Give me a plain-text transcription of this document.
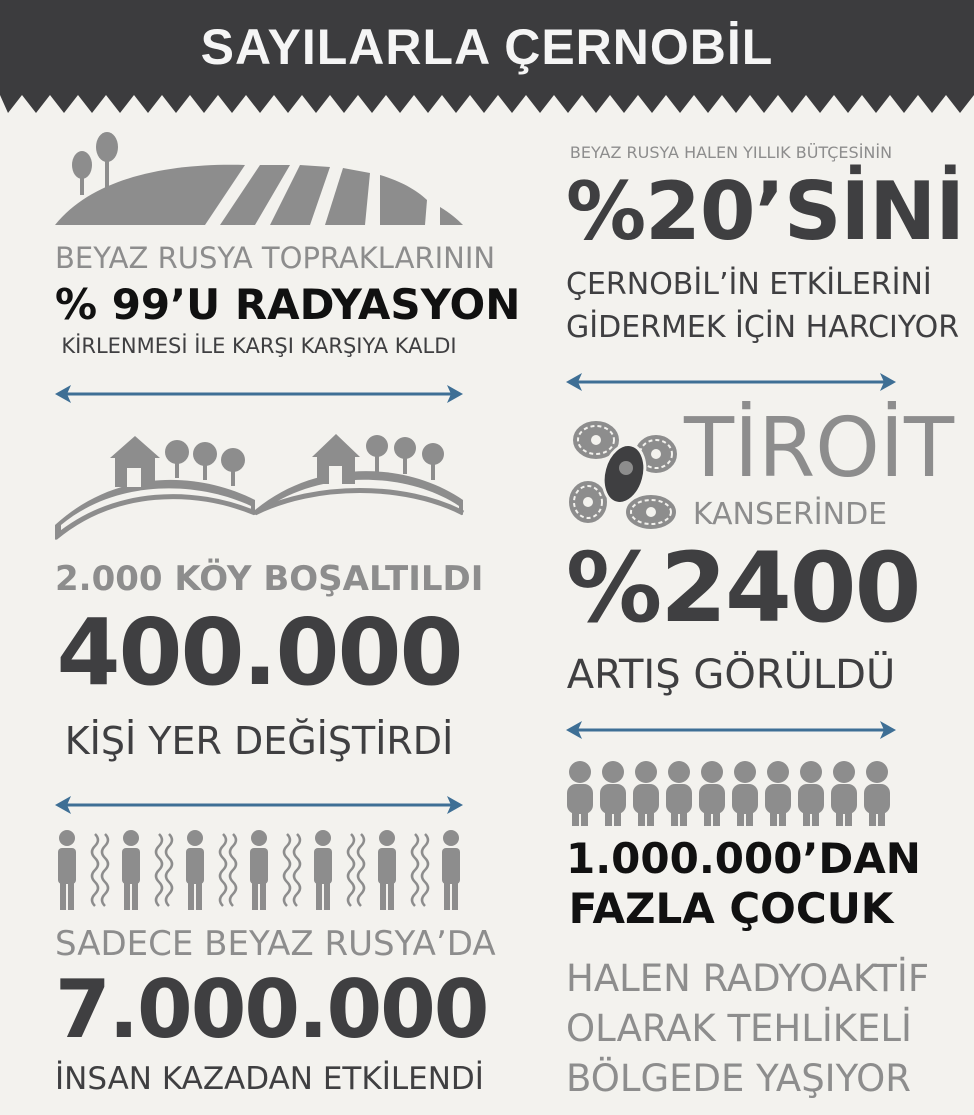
SAYILARLA ÇERNOBİL
BEYAZ RUSYA TOPRAKLARININ
% 99’U RADYASYON
KİRLENMESİ İLE KARŞI KARŞIYA KALDI
2.000 KÖY BOŞALTILDI
400.000
KİŞİ YER DEĞİŞTİRDİ
SADECE BEYAZ RUSYA’DA
7.000.000
İNSAN KAZADAN ETKİLENDİ
BEYAZ RUSYA HALEN YILLIK BÜTÇESİNİN
%20’SİNİ
ÇERNOBİL’İN ETKİLERİNİ
GİDERMEK İÇİN HARCIYOR
TİROİT
KANSERİNDE
%2400
ARTIŞ GÖRÜLDÜ
1.000.000’DAN
FAZLA ÇOCUK
HALEN RADYOAKTİF
OLARAK TEHLİKELİ
BÖLGEDE YAŞIYOR
